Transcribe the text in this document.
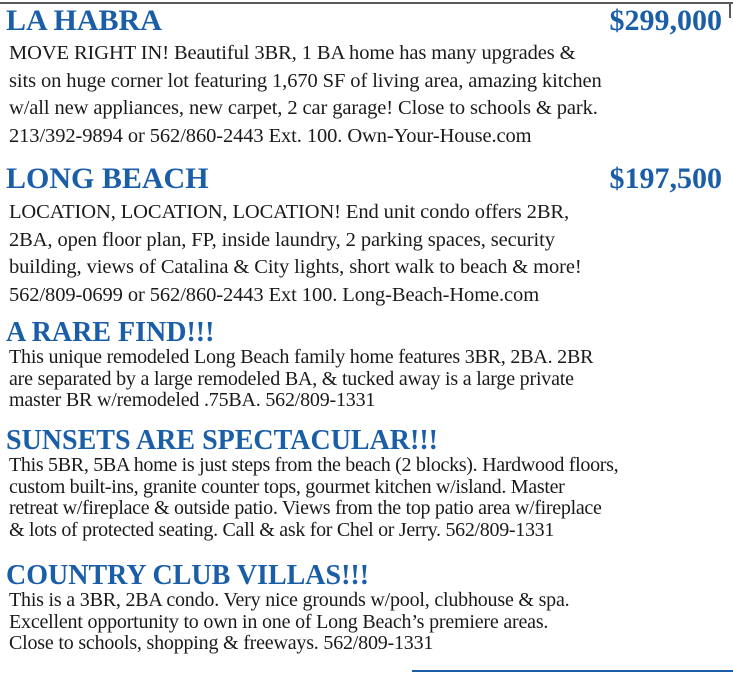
LA HABRA	$299,000
MOVE RIGHT IN! Beautiful 3BR, 1 BA home has many upgrades &
sits on huge corner lot featuring 1,670 SF of living area, amazing kitchen
w/all new appliances, new carpet, 2 car garage! Close to schools & park.
213/392-9894 or 562/860-2443 Ext. 100. Own-Your-House.com
LONG BEACH	$197,500
LOCATION, LOCATION, LOCATION! End unit condo offers 2BR,
2BA, open floor plan, FP, inside laundry, 2 parking spaces, security
building, views of Catalina & City lights, short walk to beach & more!
562/809-0699 or 562/860-2443 Ext 100. Long-Beach-Home.com
A RARE FIND!!!
This unique remodeled Long Beach family home features 3BR, 2BA. 2BR
are separated by a large remodeled BA, & tucked away is a large private
master BR w/remodeled .75BA. 562/809-1331
SUNSETS ARE SPECTACULAR!!!
This 5BR, 5BA home is just steps from the beach (2 blocks). Hardwood floors,
custom built-ins, granite counter tops, gourmet kitchen w/island. Master
retreat w/fireplace & outside patio. Views from the top patio area w/fireplace
& lots of protected seating. Call & ask for Chel or Jerry. 562/809-1331
COUNTRY CLUB VILLAS!!!
This is a 3BR, 2BA condo. Very nice grounds w/pool, clubhouse & spa.
Excellent opportunity to own in one of Long Beach’s premiere areas.
Close to schools, shopping & freeways. 562/809-1331
